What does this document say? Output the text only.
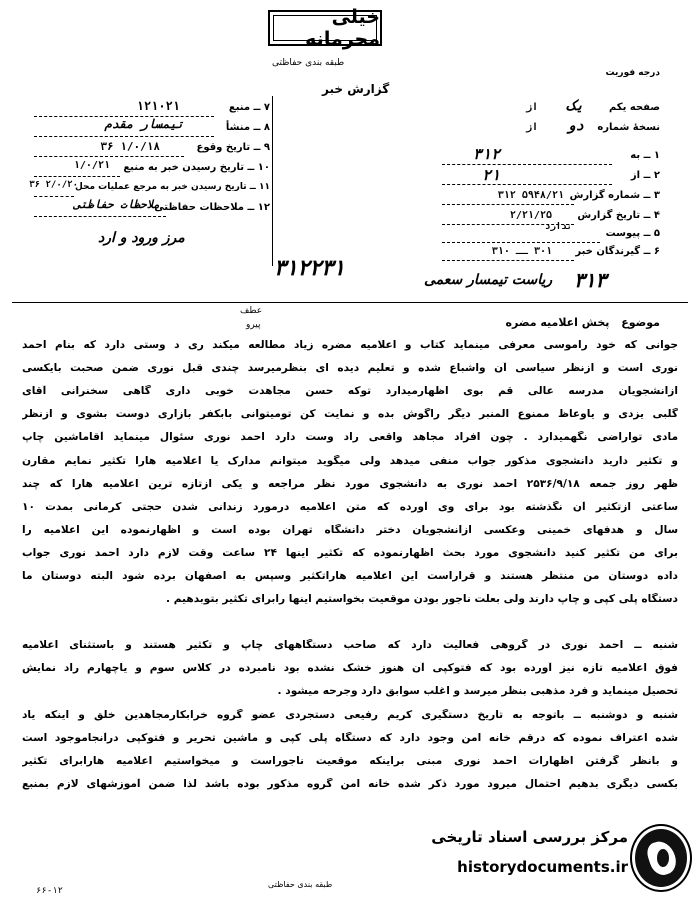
خیلی محرمانه
طبقه بندی حفاظتی
درجه فوریت
گزارش خبر
صفحه یکم
از یک
نسخهٔ شماره
از دو
۱ ــ به
۳۱۲
۲ ــ از
۲۱
۳ ــ شماره گزارش
۵۹۴۸/۲۱ ۳۱۲
۴ ــ تاریخ گزارش
۲/۲۱/۲۵
۵ ــ پیوست
ندارد
۶ ــ گیرندگان خبر
۳۰۱ ــ ۳۱۰
۷ ــ منبع
۱۲۱۰۲۱
۸ ــ منشأ
تیمسار مقدم
۹ ــ تاریخ وقوع
۱/۰/۱۸ ۳۶
۱۰ ــ تاریخ رسیدن خبر به منبع
۱/۰/۲۱
۱۱ ــ تاریخ رسیدن خبر به مرجع عملیات محل
۲/۰/۲۰ ۳۶
۱۲ ــ ملاحظات حفاظتی
ملاحظات حفاظتی
مرز ورود و ارد
۳۱۲۲۳۱	۳۱۳
ریاست تیمسار سعمی
عطف
پیرو	موضوع پخش اعلامیه مضره
جوانی که خود راموسی معرفی مینماید کتاب و اعلامیه مضره زیاد مطالعه میکند ری د وستی دارد که بنام احمد
نوری است و ازنظر سیاسی آن واشباع شده و تعلیم دیده ای بنظرمیرسد چندی قبل نوری ضمن صحبت بایکسی
ازانشجویان مدرسه عالی قم بوی اظهارمیدارد توکه حسن مجاهدت خوبی داری گاهی سخنرانی آقای
گلبی یزدی و یاوعاظ ممنوع المنبر دیگر راگوش بده و نمایت کن تومیتوانی بابکفر بازاری دوست بشوی و ازنظر
مادی تواراضی نگهمیدارد . چون افراد مجاهد واقعی راد وست دارد احمد نوری سئوال مینماید آقاماشین چاپ
و تکثیر دارید دانشجوی مذکور جواب منفی میدهد ولی میگوید میتوانم مدارک یا اعلامیه هارا تکثیر نمایم مقارن
ظهر روز جمعه ۲۵۳۶/۹/۱۸ احمد نوری به دانشجوی مورد نظر مراجعه و یکی ازتازه ترین اعلامیه هارا که چند
ساعتی ازتکثیر آن نگذشته بود برای وی آورده که متن اعلامیه درمورد زندانی شدن حجتی کرمانی بمدت ۱۰
سال و هدفهای خمینی وعکسی ازانشجویان دختر دانشگاه تهران بوده است و اظهارنموده این اعلامیه را
برای من تکثیر کنید دانشجوی مورد بحث اظهارنموده که تکثیر اینها ۲۴ ساعت وقت لازم دارد احمد نوری جواب
داده دوستان من منتظر هستند و قراراست این اعلامیه هاراتکثیر وسپس به اصفهان برده شود البته دوستان ما
دستگاه پلی کپی و چاپ دارند ولی بعلت ناجور بودن موقعیت بخواستیم اینها رابرای تکثیر بتوبدهیم .
شنبه ــ احمد نوری در گروهی فعالیت دارد که صاحب دستگاههای چاپ و تکثیر هستند و باستثنای اعلامیه
فوق اعلامیه تازه نیز آورده بود که فتوکپی آن هنوز خشک نشده بود نامبرده در کلاس سوم و یاچهارم راد نمایش
تحصیل مینماید و فرد مذهبی بنظر میرسد و اغلب سوابق دارد وجرحه میشود .
شنبه و دوشنبه ــ باتوجه به تاریخ دستگیری کریم رفیعی دستجردی عضو گروه خرابکارمجاهدین خلق و اینکه یاد
شده اعتراف نموده که درقم خانه امن وجود دارد که دستگاه پلی کپی و ماشین تحریر و فتوکپی درآنجاموجود است
و بانظر گرفتن اظهارات احمد نوری مبنی براینکه موقعیت ناجوراست و میخواستیم اعلامیه هارابرای تکثیر
بکسی دیگری بدهیم احتمال میرود مورد ذکر شده خانه امن گروه مذکور بوده باشد لذا ضمن آموزشهای لازم بمنبع
طبقه بندی حفاظتی
۶۶-۱۲
مرکز بررسی اسناد تاریخی
historydocuments.ir
